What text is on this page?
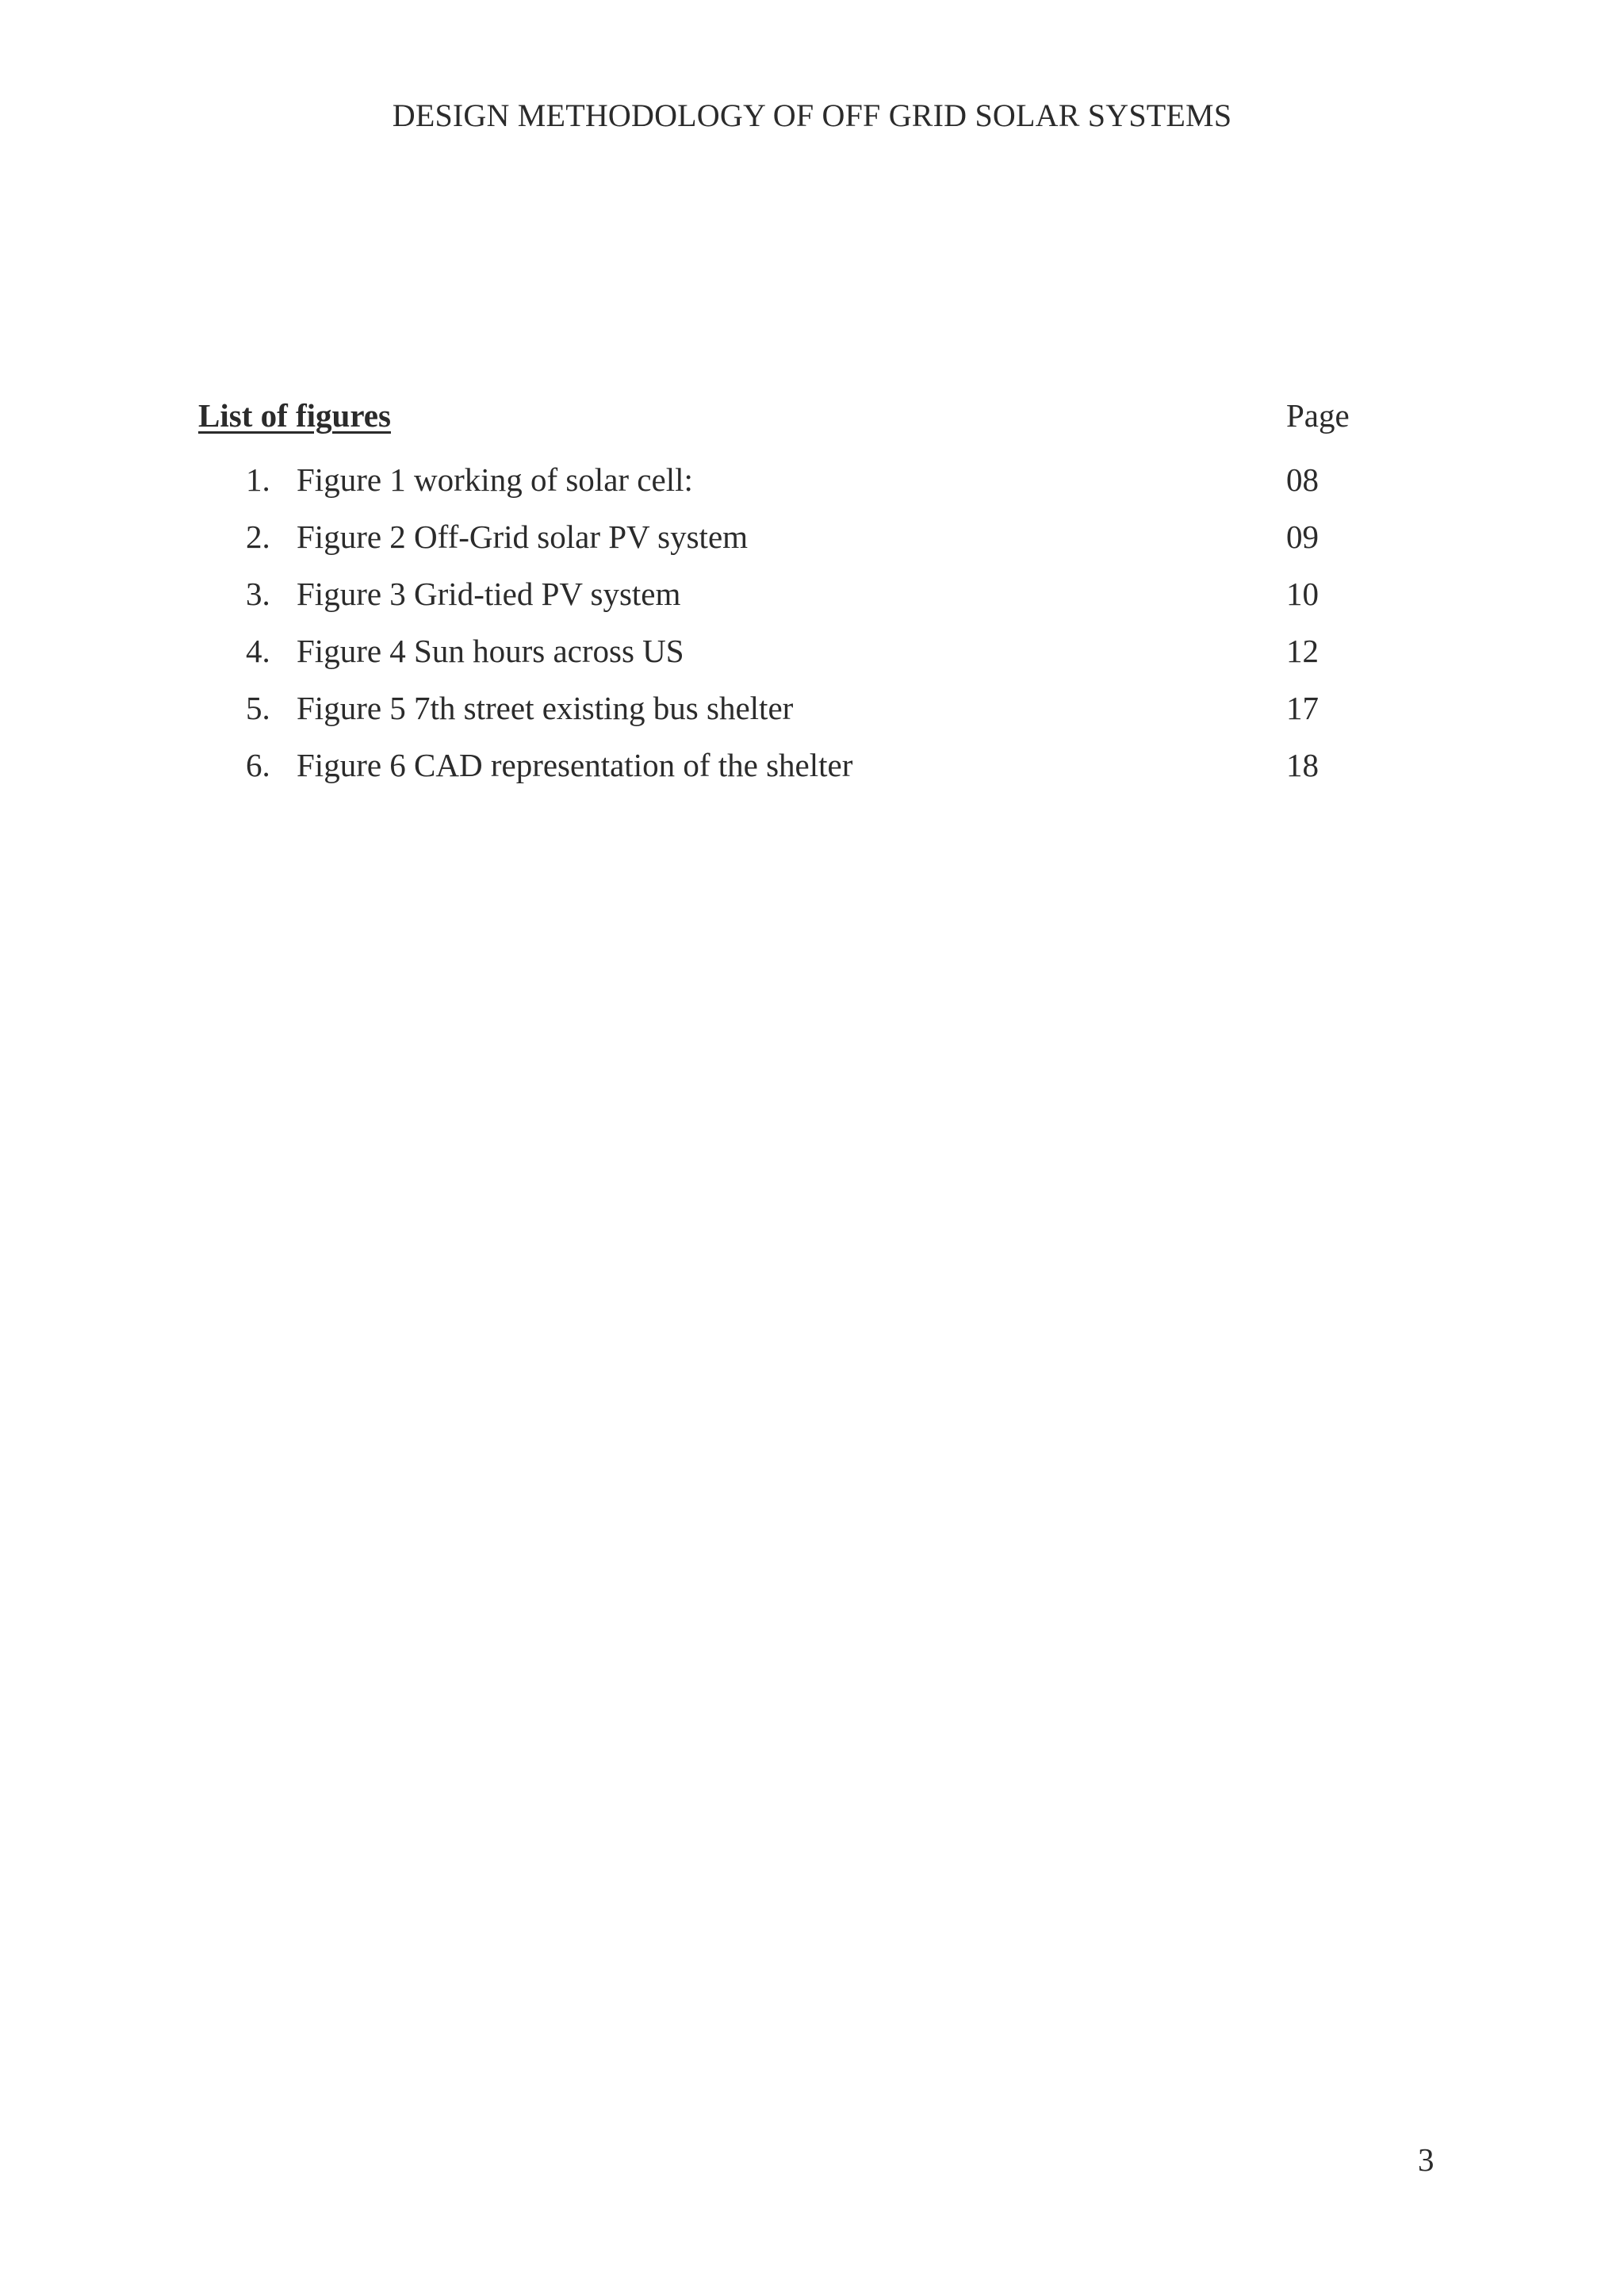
DESIGN METHODOLOGY OF OFF GRID SOLAR SYSTEMS
List of figures	Page
1. Figure 1 working of solar cell:	08
2. Figure 2 Off-Grid solar PV system	09
3. Figure 3 Grid-tied PV system	10
4. Figure 4 Sun hours across US	12
5. Figure 5 7th street existing bus shelter	17
6. Figure 6 CAD representation of the shelter	18
3
